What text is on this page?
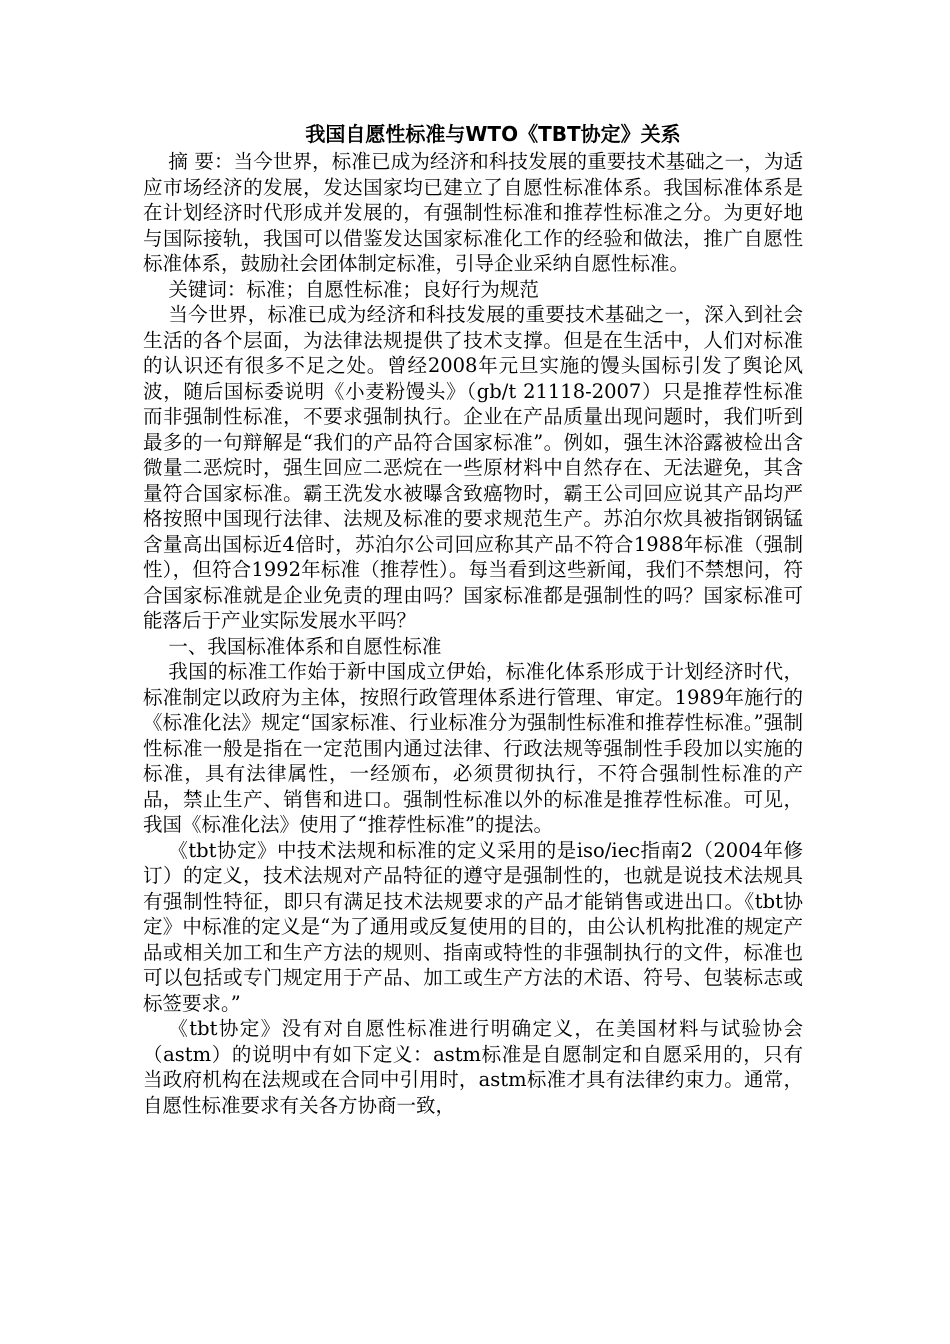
我国自愿性标准与WTO《TBT协定》关系

摘 要：当今世界，标准已成为经济和科技发展的重要技术基础之一，为适应市场经济的发展，发达国家均已建立了自愿性标准体系。我国标准体系是在计划经济时代形成并发展的，有强制性标准和推荐性标准之分。为更好地与国际接轨，我国可以借鉴发达国家标准化工作的经验和做法，推广自愿性标准体系，鼓励社会团体制定标准，引导企业采纳自愿性标准。

关键词：标准；自愿性标准；良好行为规范

当今世界，标准已成为经济和科技发展的重要技术基础之一，深入到社会生活的各个层面，为法律法规提供了技术支撑。但是在生活中，人们对标准的认识还有很多不足之处。曾经2008年元旦实施的馒头国标引发了舆论风波，随后国标委说明《小麦粉馒头》（gb/t 21118-2007）只是推荐性标准而非强制性标准，不要求强制执行。企业在产品质量出现问题时，我们听到最多的一句辩解是“我们的产品符合国家标准”。例如，强生沐浴露被检出含微量二恶烷时，强生回应二恶烷在一些原材料中自然存在、无法避免，其含量符合国家标准。霸王洗发水被曝含致癌物时，霸王公司回应说其产品均严格按照中国现行法律、法规及标准的要求规范生产。苏泊尔炊具被指钢锅锰含量高出国标近4倍时，苏泊尔公司回应称其产品不符合1988年标准（强制性），但符合1992年标准（推荐性）。每当看到这些新闻，我们不禁想问，符合国家标准就是企业免责的理由吗？国家标准都是强制性的吗？国家标准可能落后于产业实际发展水平吗？

一、我国标准体系和自愿性标准

我国的标准工作始于新中国成立伊始，标准化体系形成于计划经济时代，标准制定以政府为主体，按照行政管理体系进行管理、审定。1989年施行的《标准化法》规定“国家标准、行业标准分为强制性标准和推荐性标准。”强制性标准一般是指在一定范围内通过法律、行政法规等强制性手段加以实施的标准，具有法律属性，一经颁布，必须贯彻执行，不符合强制性标准的产品，禁止生产、销售和进口。强制性标准以外的标准是推荐性标准。可见，我国《标准化法》使用了“推荐性标准”的提法。

《tbt协定》中技术法规和标准的定义采用的是iso/iec指南2（2004年修订）的定义，技术法规对产品特征的遵守是强制性的，也就是说技术法规具有强制性特征，即只有满足技术法规要求的产品才能销售或进出口。《tbt协定》中标准的定义是“为了通用或反复使用的目的，由公认机构批准的规定产品或相关加工和生产方法的规则、指南或特性的非强制执行的文件，标准也可以包括或专门规定用于产品、加工或生产方法的术语、符号、包装标志或标签要求。”

《tbt协定》没有对自愿性标准进行明确定义，在美国材料与试验协会（astm）的说明中有如下定义：astm标准是自愿制定和自愿采用的，只有当政府机构在法规或在合同中引用时，astm标准才具有法律约束力。通常，自愿性标准要求有关各方协商一致，
